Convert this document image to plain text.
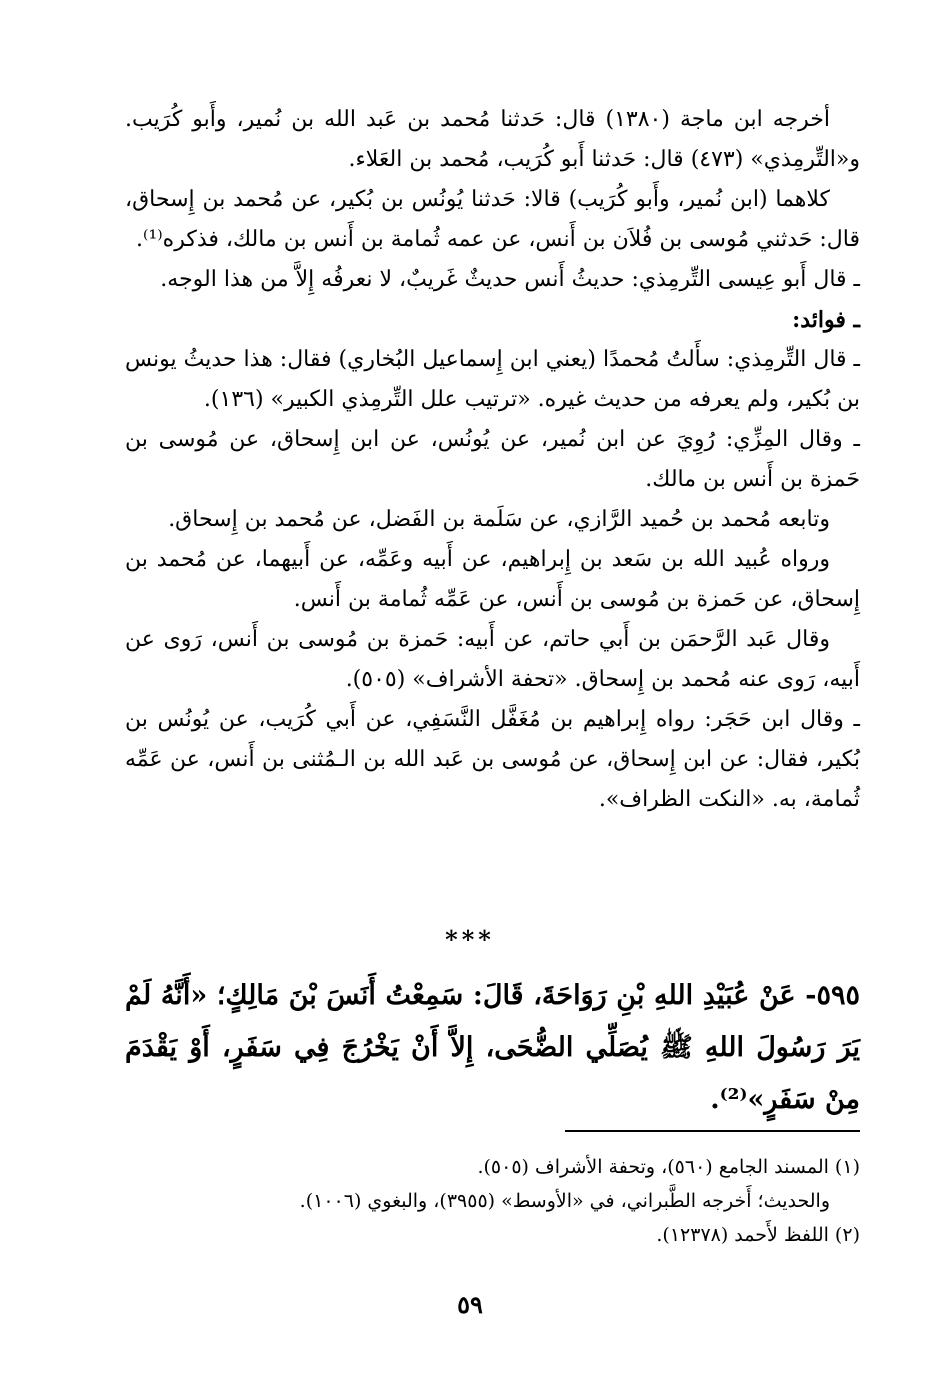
أخرجه ابن ماجة (١٣٨٠) قال: حَدثنا مُحمد بن عَبد الله بن نُمير، وأَبو كُرَيب. و«التِّرمِذي» (٤٧٣) قال: حَدثنا أَبو كُرَيب، مُحمد بن العَلاء.

كلاهما (ابن نُمير، وأَبو كُرَيب) قالا: حَدثنا يُونُس بن بُكير، عن مُحمد بن إِسحاق، قال: حَدثني مُوسى بن فُلاَن بن أَنس، عن عمه ثُمامة بن أَنس بن مالك، فذكره⁽¹⁾.

ـ قال أَبو عِيسى التِّرمِذي: حديثُ أَنس حديثٌ غَريبٌ، لا نعرفُه إِلاَّ من هذا الوجه.

ـ فوائد:

ـ قال التِّرمِذي: سأَلتُ مُحمدًا (يعني ابن إِسماعيل البُخاري) فقال: هذا حديثُ يونس بن بُكير، ولم يعرفه من حديث غيره. «ترتيب علل التِّرمِذي الكبير» (١٣٦).

ـ وقال المِزِّي: رُوِيَ عن ابن نُمير، عن يُونُس، عن ابن إِسحاق، عن مُوسى بن حَمزة بن أَنس بن مالك.

وتابعه مُحمد بن حُميد الرَّازي، عن سَلَمة بن الفَضل، عن مُحمد بن إِسحاق.

ورواه عُبيد الله بن سَعد بن إِبراهيم، عن أَبيه وعَمِّه، عن أَبيهما، عن مُحمد بن إِسحاق، عن حَمزة بن مُوسى بن أَنس، عن عَمِّه ثُمامة بن أَنس.

وقال عَبد الرَّحمَن بن أَبي حاتم، عن أَبيه: حَمزة بن مُوسى بن أَنس، رَوى عن أَبيه، رَوى عنه مُحمد بن إِسحاق. «تحفة الأشراف» (٥٠٥).

ـ وقال ابن حَجَر: رواه إِبراهيم بن مُغَفَّل النَّسَفِي، عن أَبي كُرَيب، عن يُونُس بن بُكير، فقال: عن ابن إِسحاق، عن مُوسى بن عَبد الله بن الـمُثنى بن أَنس، عن عَمِّه ثُمامة، به. «النكت الظراف».

***

٥٩٥- عَنْ عُبَيْدِ اللهِ بْنِ رَوَاحَةَ، قَالَ: سَمِعْتُ أَنَسَ بْنَ مَالِكٍ؛ «أَنَّهُ لَمْ يَرَ رَسُولَ اللهِ ﷺ يُصَلِّي الضُّحَى، إِلاَّ أَنْ يَخْرُجَ فِي سَفَرٍ، أَوْ يَقْدَمَ مِنْ سَفَرٍ»⁽²⁾.

(١) المسند الجامع (٥٦٠)، وتحفة الأشراف (٥٠٥).

والحديث؛ أَخرجه الطَّبراني، في «الأوسط» (٣٩٥٥)، والبغوي (١٠٠٦).

(٢) اللفظ لأَحمد (١٢٣٧٨).

٥٩
